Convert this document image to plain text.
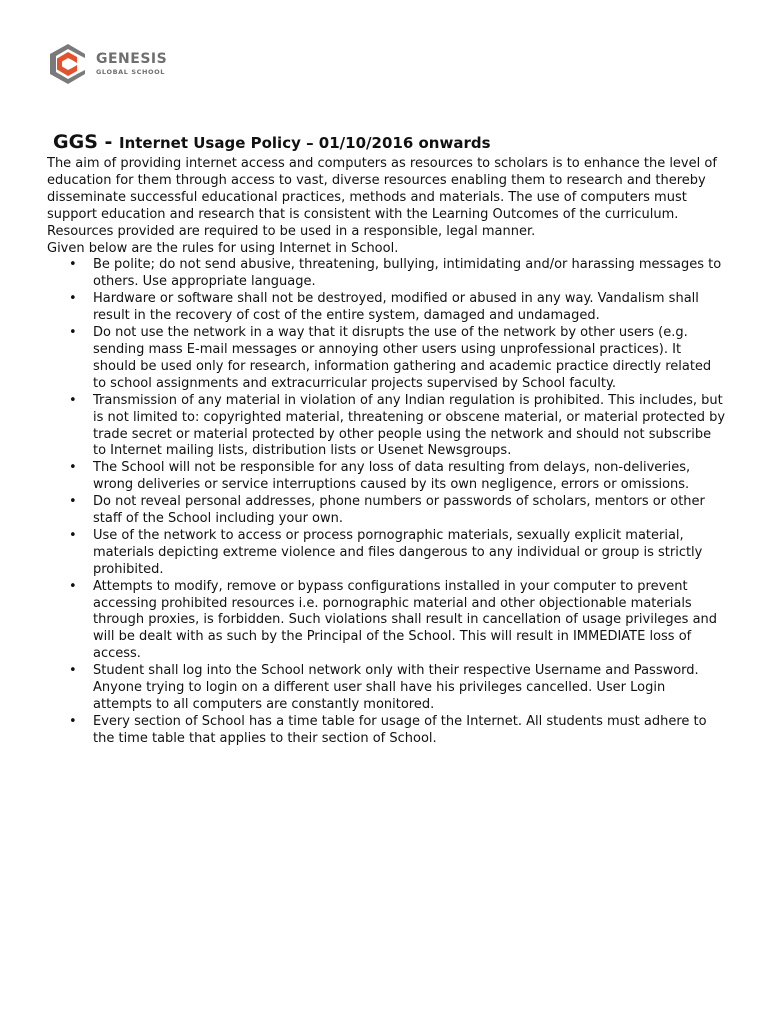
GENESIS
GLOBAL SCHOOL
GGS - Internet Usage Policy – 01/10/2016 onwards

The aim of providing internet access and computers as resources to scholars is to enhance the level of education for them through access to vast, diverse resources enabling them to research and thereby disseminate successful educational practices, methods and materials. The use of computers must support education and research that is consistent with the Learning Outcomes of the curriculum. Resources provided are required to be used in a responsible, legal manner.

Given below are the rules for using Internet in School.

• Be polite; do not send abusive, threatening, bullying, intimidating and/or harassing messages to others. Use appropriate language.
• Hardware or software shall not be destroyed, modified or abused in any way. Vandalism shall result in the recovery of cost of the entire system, damaged and undamaged.
• Do not use the network in a way that it disrupts the use of the network by other users (e.g. sending mass E-mail messages or annoying other users using unprofessional practices). It should be used only for research, information gathering and academic practice directly related to school assignments and extracurricular projects supervised by School faculty.
• Transmission of any material in violation of any Indian regulation is prohibited. This includes, but is not limited to: copyrighted material, threatening or obscene material, or material protected by trade secret or material protected by other people using the network and should not subscribe to Internet mailing lists, distribution lists or Usenet Newsgroups.
• The School will not be responsible for any loss of data resulting from delays, non-deliveries, wrong deliveries or service interruptions caused by its own negligence, errors or omissions.
• Do not reveal personal addresses, phone numbers or passwords of scholars, mentors or other staff of the School including your own.
• Use of the network to access or process pornographic materials, sexually explicit material, materials depicting extreme violence and files dangerous to any individual or group is strictly prohibited.
• Attempts to modify, remove or bypass configurations installed in your computer to prevent accessing prohibited resources i.e. pornographic material and other objectionable materials through proxies, is forbidden. Such violations shall result in cancellation of usage privileges and will be dealt with as such by the Principal of the School. This will result in IMMEDIATE loss of access.
• Student shall log into the School network only with their respective Username and Password. Anyone trying to login on a different user shall have his privileges cancelled. User Login attempts to all computers are constantly monitored.
• Every section of School has a time table for usage of the Internet. All students must adhere to the time table that applies to their section of School.
